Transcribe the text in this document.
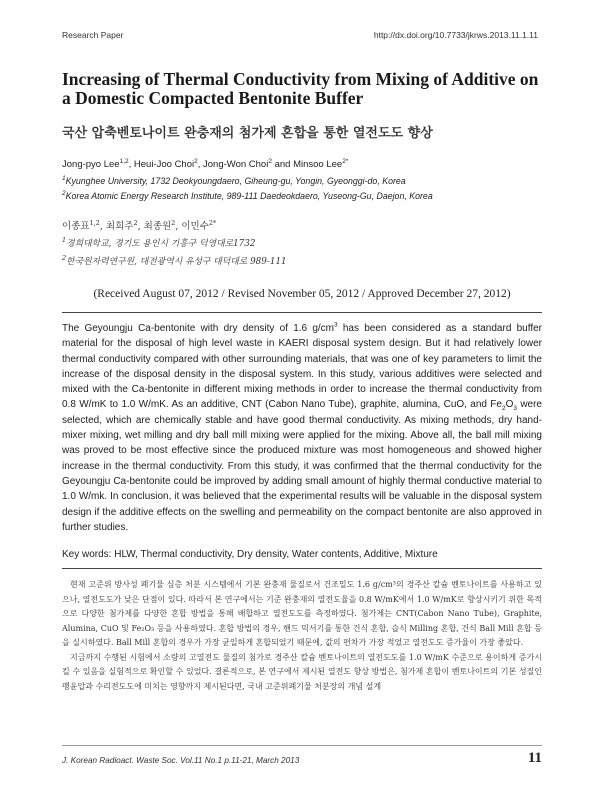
Research Paper	http://dx.doi.org/10.7733/jkrws.2013.11.1.11
Increasing of Thermal Conductivity from Mixing of Additive on a Domestic Compacted Bentonite Buffer
국산 압축벤토나이트 완충재의 첨가제 혼합을 통한 열전도도 향상
Jong-pyo Lee$^{1,2}$, Heui-Joo Choi$^2$, Jong-Won Choi$^2$ and Minsoo Lee$^{2*}$
$^1$Kyunghee University, 1732 Deokyoungdaero, Giheung-gu, Yongin, Gyeonggi-do, Korea
$^2$Korea Atomic Energy Research Institute, 989-111 Daedeokdaero, Yuseong-Gu, Daejon, Korea
이종표$^{1,2}$, 최희주$^2$, 최종원$^2$, 이민수$^{2*}$
$^1$경희대학교, 경기도 용인시 기흥구 덕영대로1732
$^2$한국원자력연구원, 대전광역시 유성구 대덕대로 989-111
(Received August 07, 2012 / Revised November 05, 2012 / Approved December 27, 2012)

The Geyoungju Ca-bentonite with dry density of 1.6 $g/cm^3$ has been considered as a standard buffer material for the disposal of high level waste in KAERI disposal system design. But it had relatively lower thermal conductivity compared with other surrounding materials, that was one of key parameters to limit the increase of the disposal density in the disposal system. In this study, various additives were selected and mixed with the Ca-bentonite in different mixing methods in order to increase the thermal conductivity from 0.8 W/mK to 1.0 W/mK. As an additive, CNT (Cabon Nano Tube), graphite, alumina, CuO, and $Fe_2O_3$ were selected, which are chemically stable and have good thermal conductivity. As mixing methods, dry hand-mixer mixing, wet milling and dry ball mill mixing were applied for the mixing. Above all, the ball mill mixing was proved to be most effective since the produced mixture was most homogeneous and showed higher increase in the thermal conductivity. From this study, it was confirmed that the thermal conductivity for the Geyoungju Ca-bentonite could be improved by adding small amount of highly thermal conductive material to 1.0 W/mk. In conclusion, it was believed that the experimental results will be valuable in the disposal system design if the additive effects on the swelling and permeability on the compact bentonite are also approved in further studies.

Key words: HLW, Thermal conductivity, Dry density, Water contents, Additive, Mixture

현재 고준위 방사성 폐기물 심층 처분 시스템에서 기본 완충재 물질로서 건조밀도 1.6 g/cm³의 경주산 칼슘 벤토나이트를 사용하고 있으나, 열전도도가 낮은 단점이 있다. 따라서 본 연구에서는 기준 완충재의 열전도율을 0.8 W/mK에서 1.0 W/mK로 향상시키기 위한 목적으로 다양한 첨가제를 다양한 혼합 방법을 통해 배합하고 열전도도를 측정하였다. 첨가제는 CNT(Cabon Nano Tube), Graphite, Alumina, CuO 및 Fe₂O₃ 등을 사용하였다. 혼합 방법의 경우, 핸드 믹서기를 통한 건식 혼합, 습식 Milling 혼합, 건식 Ball Mill 혼합 등을 실시하였다. Ball Mill 혼합의 경우가 가장 균일하게 혼합되었기 때문에, 값의 편차가 가장 적었고 열전도도 증가율이 가장 좋았다.

지금까지 수행된 시험에서 소량의 고열전도 물질의 첨가로 경주산 칼슘 벤토나이트의 열전도도를 1.0 W/mK 수준으로 용이하게 증가시킬 수 있음을 실험적으로 확인할 수 있었다. 결론적으로, 본 연구에서 제시된 열전도 향상 방법은, 첨가제 혼합이 벤토나이트의 기본 성질인 팽윤압과 수리전도도에 미치는 영향까지 제시된다면, 국내 고준위폐기물 처분장의 개념 설계

J. Korean Radioact. Waste Soc. Vol.11 No.1 p.11-21, March 2013	11
